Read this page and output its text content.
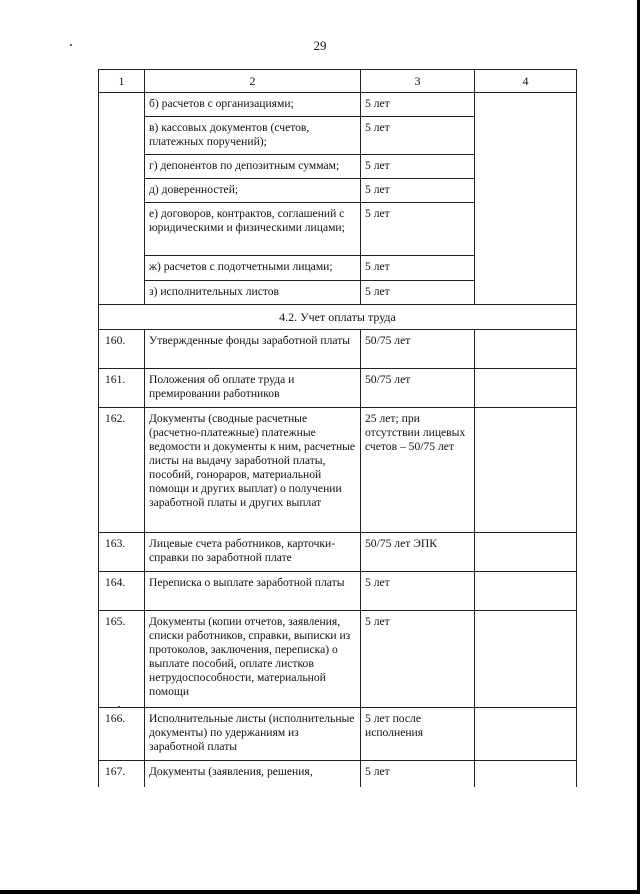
29
1	2	3	4
	б) расчетов с организациями;	5 лет	
	в) кассовых документов (счетов, платежных поручений);	5 лет	
	г) депонентов по депозитным суммам;	5 лет	
	д) доверенностей;	5 лет	
	е) договоров, контрактов, соглашений с юридическими и физическими лицами;	5 лет	
	ж) расчетов с подотчетными лицами;	5 лет	
	з) исполнительных листов	5 лет	
4.2. Учет оплаты труда			
160.	Утвержденные фонды заработной платы	50/75 лет	
161.	Положения об оплате труда и премировании работников	50/75 лет	
162.	Документы (сводные расчетные (расчетно-платежные) платежные ведомости и документы к ним, расчетные листы на выдачу заработной платы, пособий, гонораров, материальной помощи и других выплат) о получении заработной платы и других выплат	25 лет; при отсутствии лицевых счетов – 50/75 лет	
163.	Лицевые счета работников, карточки-справки по заработной плате	50/75 лет ЭПК	
164.	Переписка о выплате заработной платы	5 лет	
165.	Документы (копии отчетов, заявления, списки работников, справки, выписки из протоколов, заключения, переписка) о выплате пособий, оплате листков нетрудоспособности, материальной помощи	5 лет	
166.	Исполнительные листы (исполнительные документы) по удержаниям из заработной платы	5 лет после исполнения	
167.	Документы (заявления, решения,	5 лет	
